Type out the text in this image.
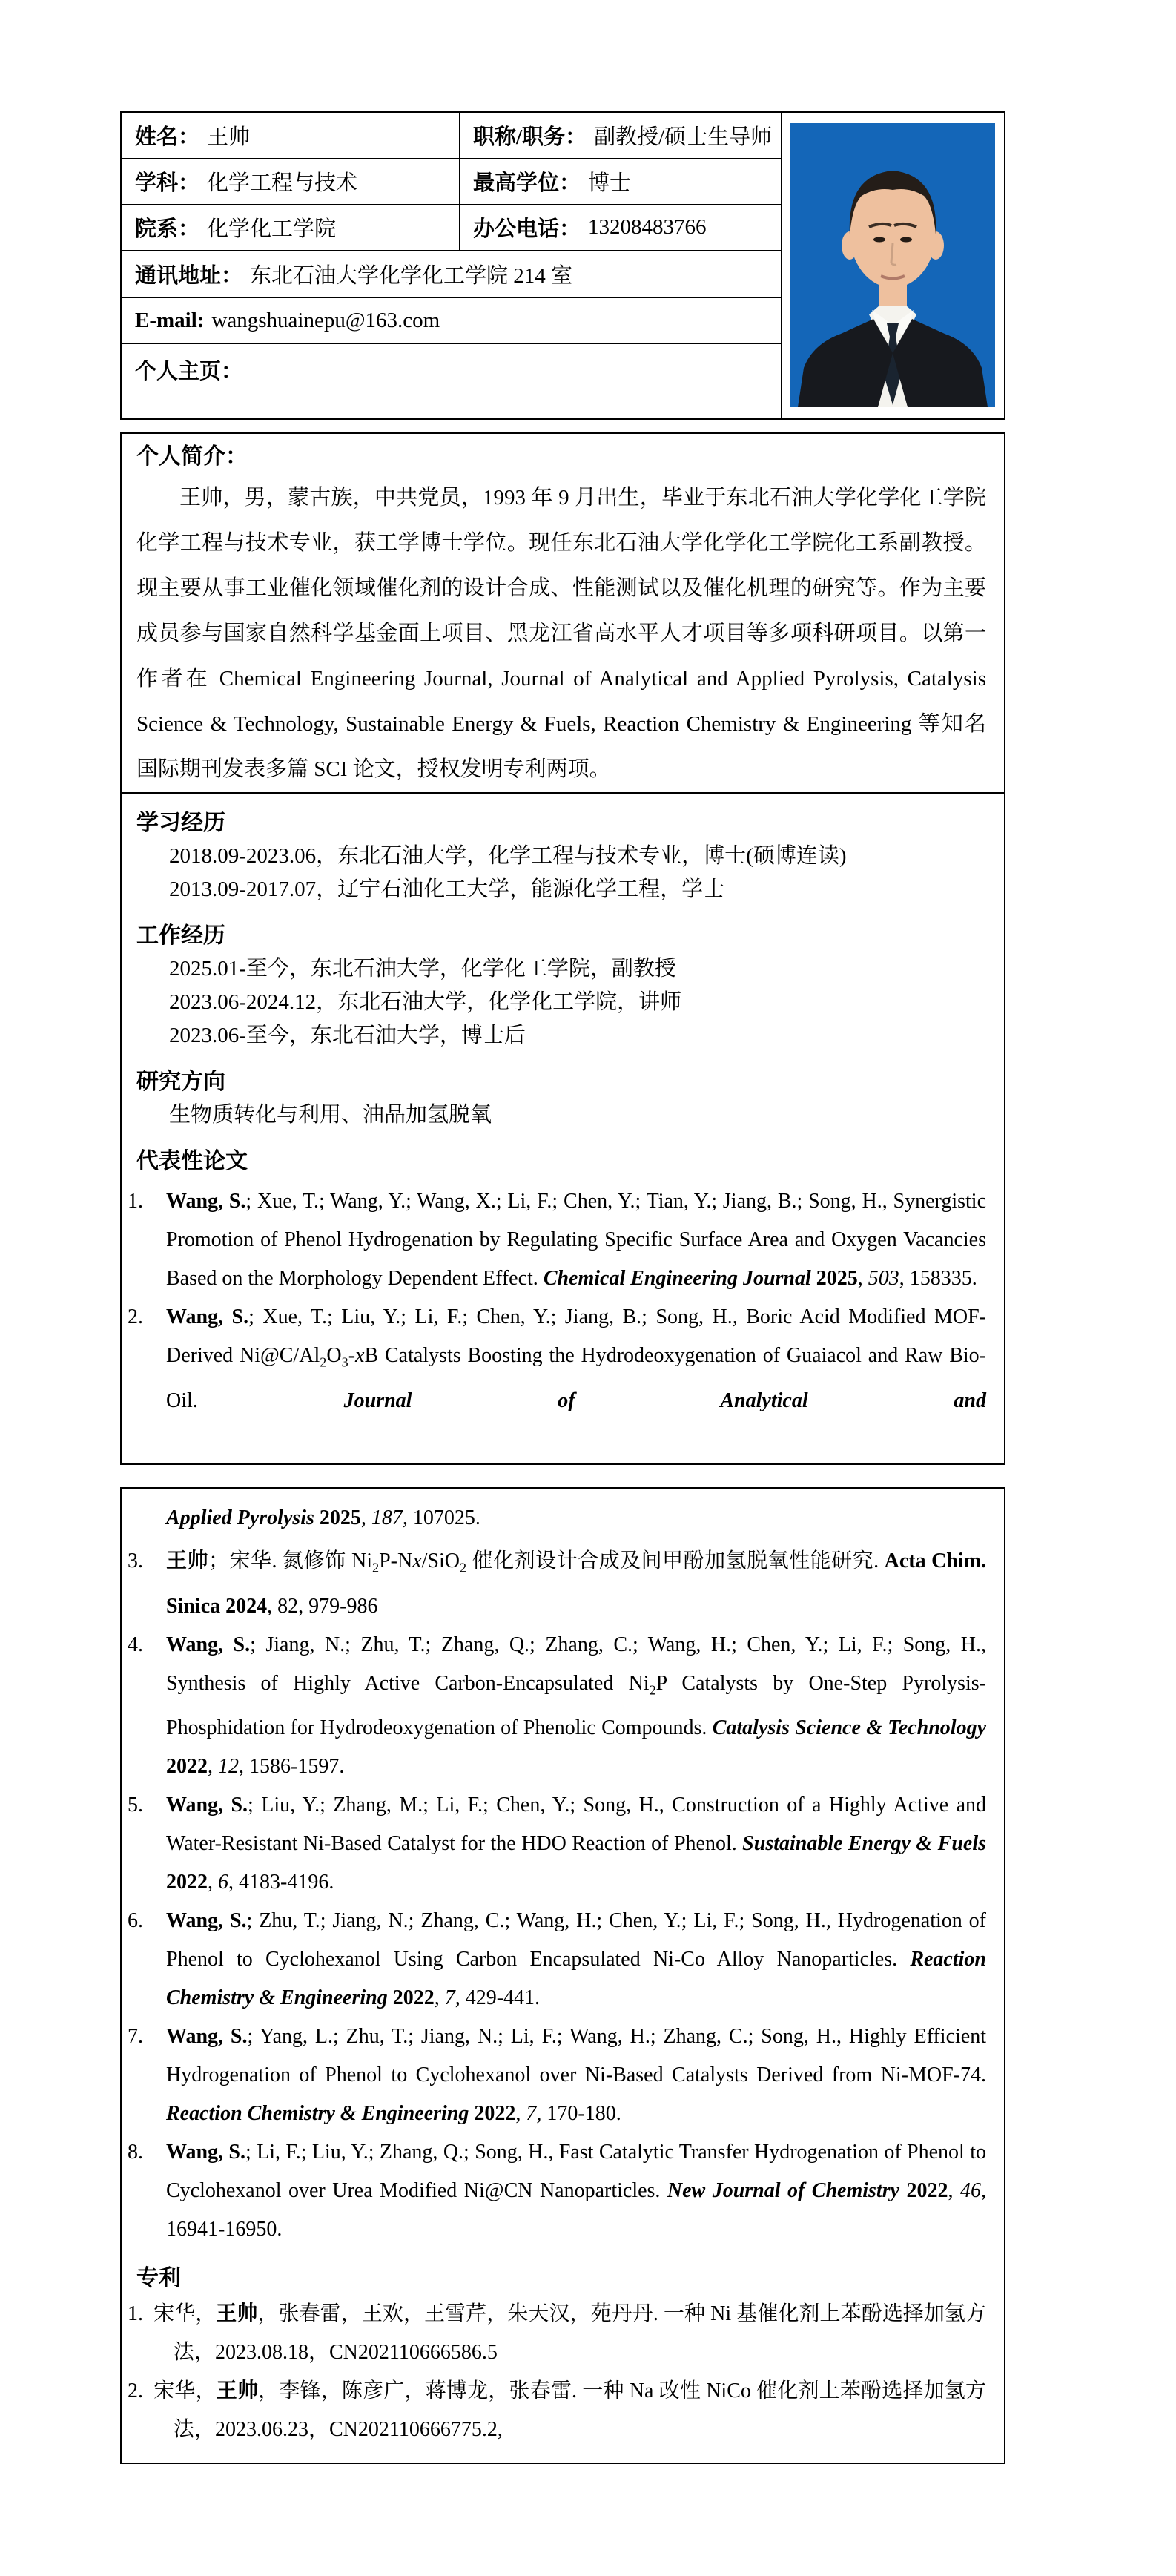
姓名： 王帅	职称/职务： 副教授/硕士生导师
学科： 化学工程与技术	最高学位： 博士
院系： 化学化工学院	办公电话： 13208483766
通讯地址： 东北石油大学化学化工学院 214 室
E-mail: wangshuainepu@163.com
个人主页：
个人简介：

王帅，男，蒙古族，中共党员，1993 年 9 月出生，毕业于东北石油大学化学化工学院化学工程与技术专业，获工学博士学位。现任东北石油大学化学化工学院化工系副教授。现主要从事工业催化领域催化剂的设计合成、性能测试以及催化机理的研究等。作为主要成员参与国家自然科学基金面上项目、黑龙江省高水平人才项目等多项科研项目。以第一作者在 Chemical Engineering Journal, Journal of Analytical and Applied Pyrolysis, Catalysis Science & Technology, Sustainable Energy & Fuels, Reaction Chemistry & Engineering 等知名国际期刊发表多篇 SCI 论文，授权发明专利两项。

学习经历
2018.09-2023.06，东北石油大学，化学工程与技术专业，博士(硕博连读)
2013.09-2017.07，辽宁石油化工大学，能源化学工程，学士
工作经历
2025.01-至今，东北石油大学，化学化工学院，副教授
2023.06-2024.12，东北石油大学，化学化工学院，讲师
2023.06-至今，东北石油大学，博士后
研究方向
生物质转化与利用、油品加氢脱氧
代表性论文
1. Wang, S.; Xue, T.; Wang, Y.; Wang, X.; Li, F.; Chen, Y.; Tian, Y.; Jiang, B.; Song, H., Synergistic Promotion of Phenol Hydrogenation by Regulating Specific Surface Area and Oxygen Vacancies Based on the Morphology Dependent Effect. Chemical Engineering Journal 2025, 503, 158335.
2. Wang, S.; Xue, T.; Liu, Y.; Li, F.; Chen, Y.; Jiang, B.; Song, H., Boric Acid Modified MOF-Derived $Ni@C/Al_2O_3-xB$ Catalysts Boosting the Hydrodeoxygenation of Guaiacol and Raw Bio-Oil. Journal of Analytical and
Applied Pyrolysis 2025, 187, 107025.
3. 王帅；宋华. 氮修饰 $Ni_2P-Nx/SiO_2$ 催化剂设计合成及间甲酚加氢脱氧性能研究. Acta Chim. Sinica 2024, 82, 979-986
4. Wang, S.; Jiang, N.; Zhu, T.; Zhang, Q.; Zhang, C.; Wang, H.; Chen, Y.; Li, F.; Song, H., Synthesis of Highly Active Carbon-Encapsulated $Ni_2P$ Catalysts by One-Step Pyrolysis-Phosphidation for Hydrodeoxygenation of Phenolic Compounds. Catalysis Science & Technology 2022, 12, 1586-1597.
5. Wang, S.; Liu, Y.; Zhang, M.; Li, F.; Chen, Y.; Song, H., Construction of a Highly Active and Water-Resistant Ni-Based Catalyst for the HDO Reaction of Phenol. Sustainable Energy & Fuels 2022, 6, 4183-4196.
6. Wang, S.; Zhu, T.; Jiang, N.; Zhang, C.; Wang, H.; Chen, Y.; Li, F.; Song, H., Hydrogenation of Phenol to Cyclohexanol Using Carbon Encapsulated Ni-Co Alloy Nanoparticles. Reaction Chemistry & Engineering 2022, 7, 429-441.
7. Wang, S.; Yang, L.; Zhu, T.; Jiang, N.; Li, F.; Wang, H.; Zhang, C.; Song, H., Highly Efficient Hydrogenation of Phenol to Cyclohexanol over Ni-Based Catalysts Derived from Ni-MOF-74. Reaction Chemistry & Engineering 2022, 7, 170-180.
8. Wang, S.; Li, F.; Liu, Y.; Zhang, Q.; Song, H., Fast Catalytic Transfer Hydrogenation of Phenol to Cyclohexanol over Urea Modified Ni@CN Nanoparticles. New Journal of Chemistry 2022, 46, 16941-16950.
专利
1. 宋华，王帅，张春雷，王欢，王雪芹，朱天汉，苑丹丹. 一种 Ni 基催化剂上苯酚选择加氢方法，2023.08.18，CN202110666586.5
2. 宋华，王帅，李锋，陈彦广，蒋博龙，张春雷. 一种 Na 改性 NiCo 催化剂上苯酚选择加氢方法，2023.06.23，CN202110666775.2,
